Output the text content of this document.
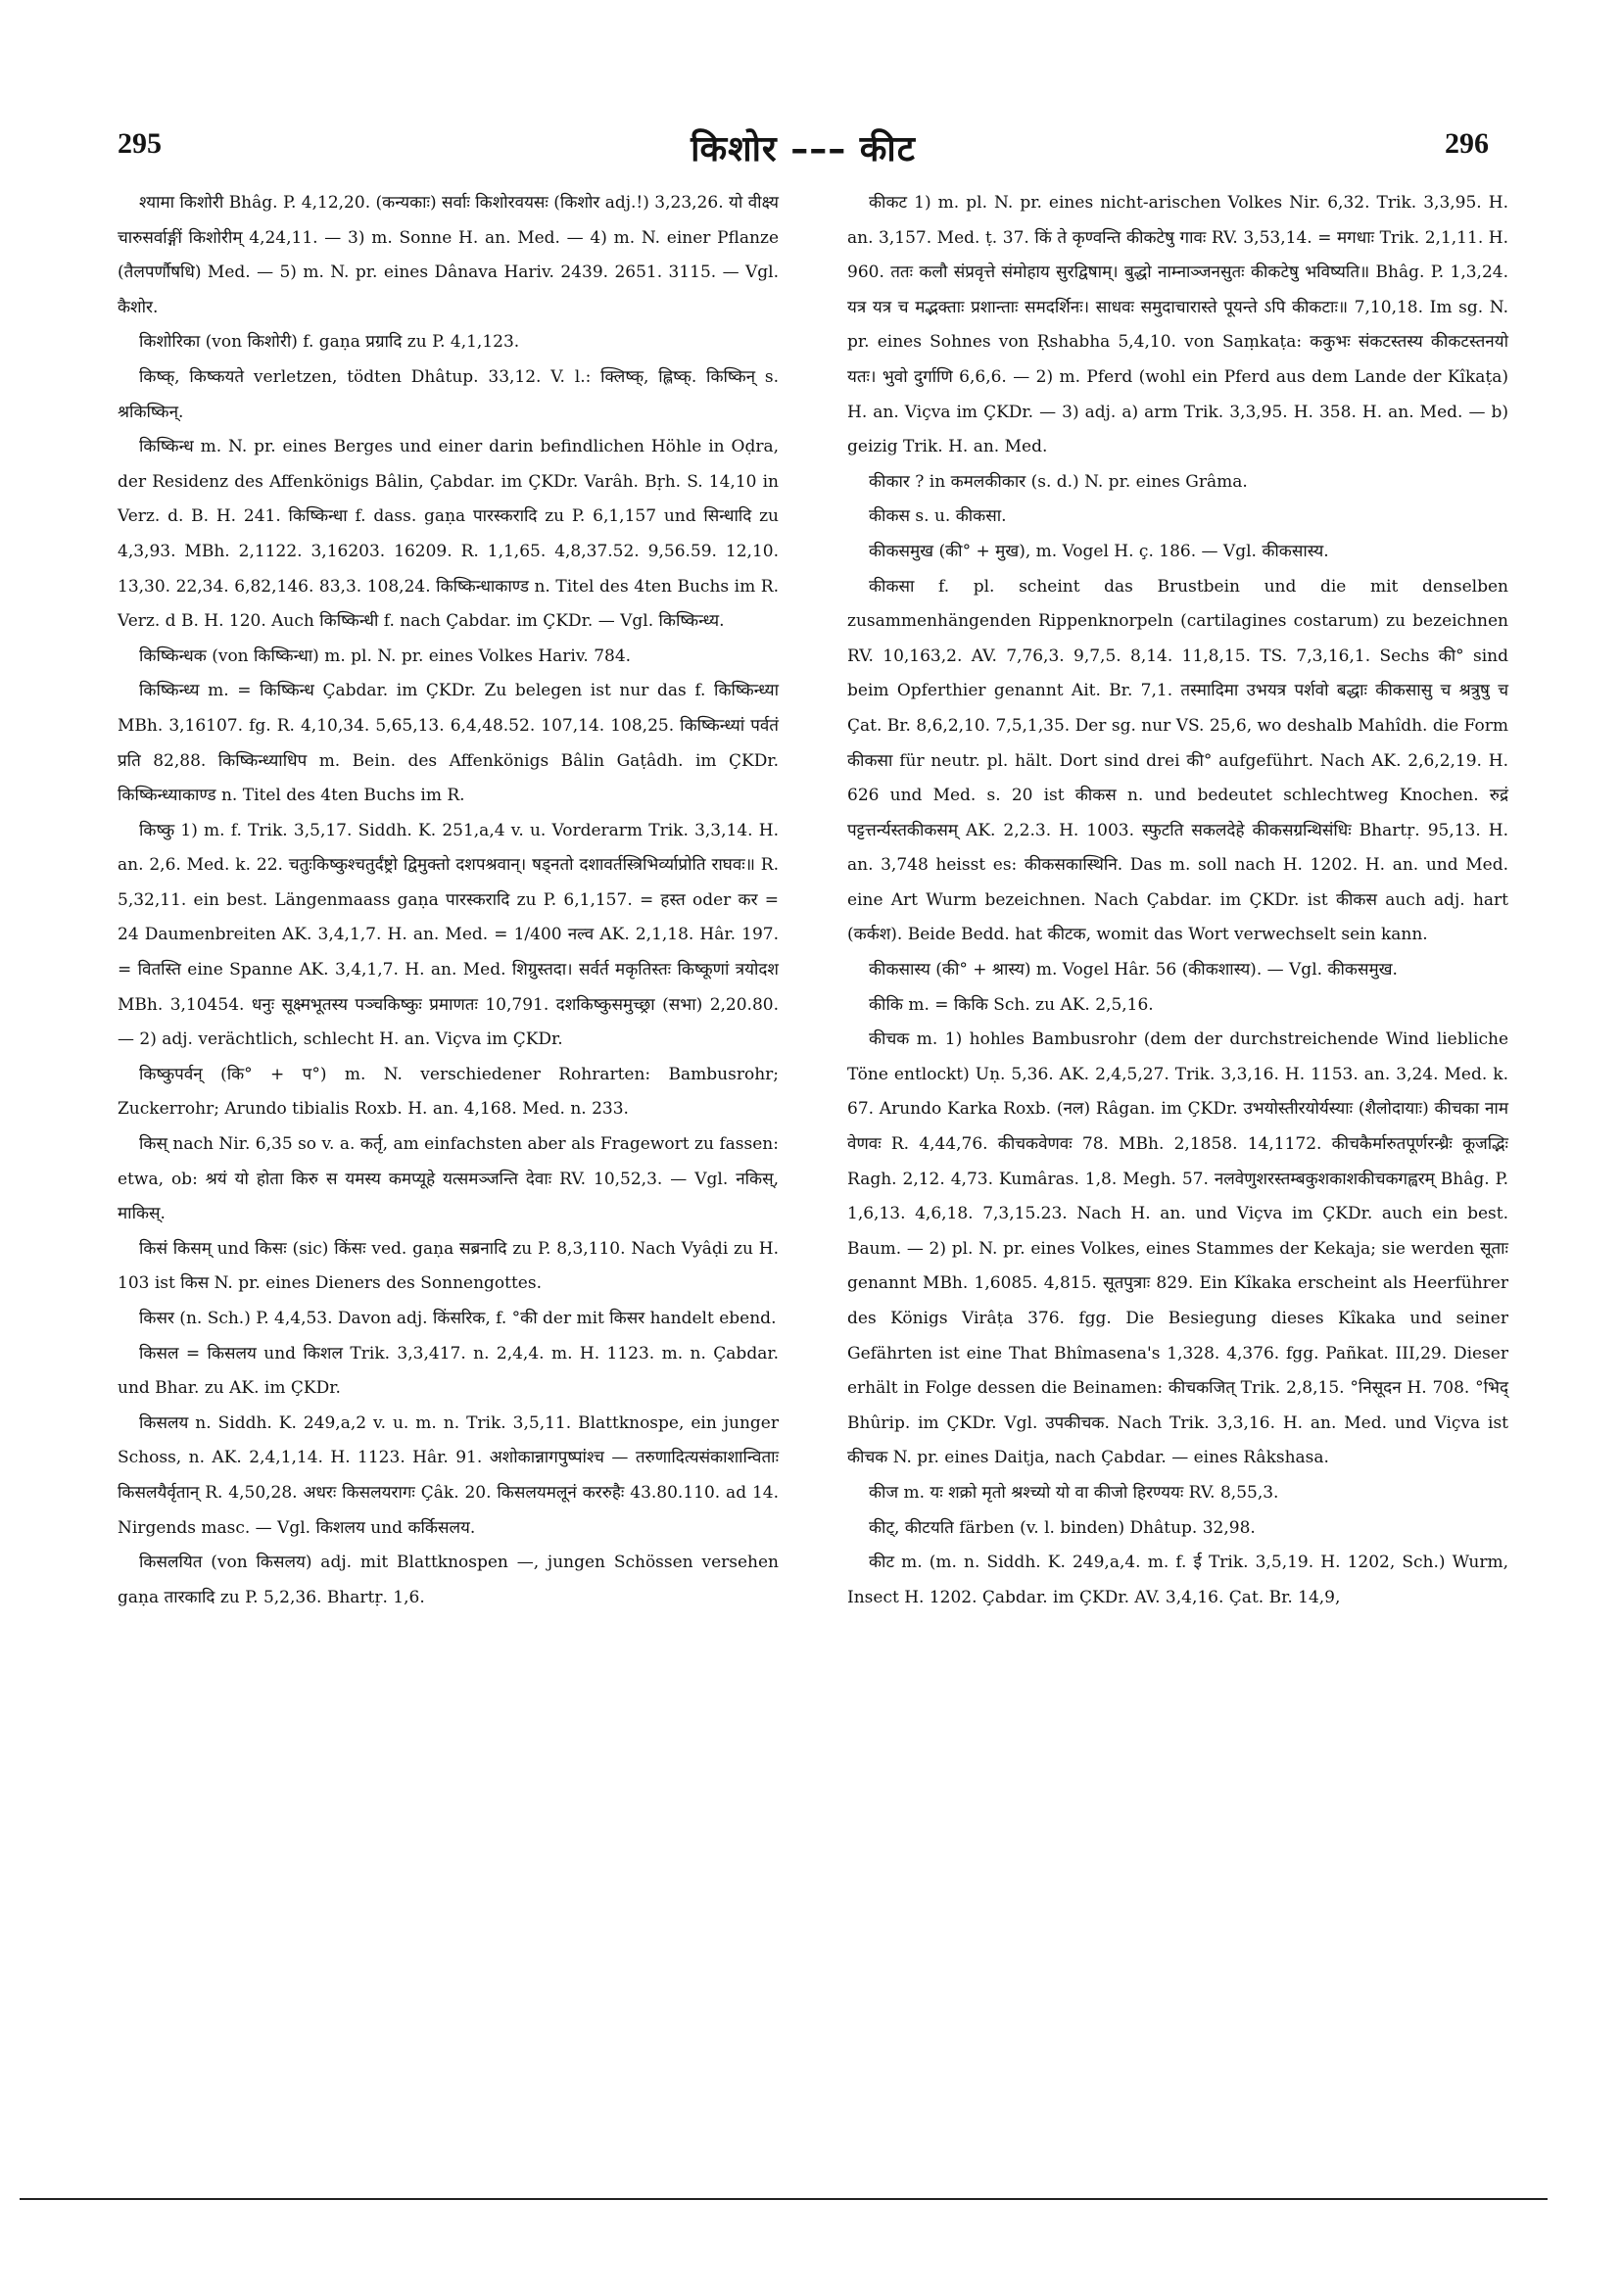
295	किशोर ––– कीट	296

श्यामा किशोरी Bhâg. P. 4,12,20. (कन्यकाः) सर्वाः किशोरवयसः (किशोर adj.!) 3,23,26. यो वीक्ष्य चारुसर्वाङ्गीं किशोरीम् 4,24,11. — 3) m. Sonne H. an. Med. — 4) m. N. einer Pflanze (तैलपर्णौषधि) Med. — 5) m. N. pr. eines Dânava Hariv. 2439. 2651. 3115. — Vgl. कैशोर.

किशोरिका (von किशोरी) f. gaṇa प्रग्रादि zu P. 4,1,123.

किष्क्, किष्कयते verletzen, tödten Dhâtup. 33,12. V. l.: क्लिष्क्, ह्लिष्क्. किष्किन् s. श्रकिष्किन्.

किष्किन्ध m. N. pr. eines Berges und einer darin befindlichen Höhle in Oḍra, der Residenz des Affenkönigs Bâlin, Çabdar. im ÇKDr. Varâh. Bṛh. S. 14,10 in Verz. d. B. H. 241. किष्किन्धा f. dass. gaṇa पारस्करादि zu P. 6,1,157 und सिन्धादि zu 4,3,93. MBh. 2,1122. 3,16203. 16209. R. 1,1,65. 4,8,37.52. 9,56.59. 12,10. 13,30. 22,34. 6,82,146. 83,3. 108,24. किष्किन्धाकाण्ड n. Titel des 4ten Buchs im R. Verz. d B. H. 120. Auch किष्किन्धी f. nach Çabdar. im ÇKDr. — Vgl. किष्किन्ध्य.

किष्किन्धक (von किष्किन्धा) m. pl. N. pr. eines Volkes Hariv. 784.

किष्किन्ध्य m. = किष्किन्ध Çabdar. im ÇKDr. Zu belegen ist nur das f. किष्किन्ध्या MBh. 3,16107. fg. R. 4,10,34. 5,65,13. 6,4,48.52. 107,14. 108,25. किष्किन्ध्यां पर्वतं प्रति 82,88. किष्किन्ध्याधिप m. Bein. des Affenkönigs Bâlin Gaṭâdh. im ÇKDr. किष्किन्ध्याकाण्ड n. Titel des 4ten Buchs im R.

किष्कु 1) m. f. Trik. 3,5,17. Siddh. K. 251,a,4 v. u. Vorderarm Trik. 3,3,14. H. an. 2,6. Med. k. 22. चतुःकिष्कुश्चतुर्दंष्ट्रो द्विमुक्तो दशपश्रवान्। षड्नतो दशावर्तस्त्रिभिर्व्याप्रोति राघवः॥ R. 5,32,11. ein best. Längenmaass gaṇa पारस्करादि zu P. 6,1,157. = हस्त oder कर = 24 Daumenbreiten AK. 3,4,1,7. H. an. Med. = 1/400 नल्व AK. 2,1,18. Hâr. 197. = वितस्ति eine Spanne AK. 3,4,1,7. H. an. Med. शिग्रुस्तदा। सर्वर्त मकृतिस्तः किष्कूणां त्रयोदश MBh. 3,10454. धनुः सूक्ष्मभूतस्य पञ्चकिष्कुः प्रमाणतः 10,791. दशकिष्कुसमुच्छ्रा (सभा) 2,20.80. — 2) adj. verächtlich, schlecht H. an. Viçva im ÇKDr.

किष्कुपर्वन् (कि° + प°) m. N. verschiedener Rohrarten: Bambusrohr; Zuckerrohr; Arundo tibialis Roxb. H. an. 4,168. Med. n. 233.

किस् nach Nir. 6,35 so v. a. कर्तृ, am einfachsten aber als Fragewort zu fassen: etwa, ob: श्रयं यो होता किरु स यमस्य कमप्यूहे यत्समञ्जन्ति देवाः RV. 10,52,3. — Vgl. नकिस्, माकिस्.

किसं किसम् und किसः (sic) किंसः ved. gaṇa सब्रनादि zu P. 8,3,110. Nach Vyâḍi zu H. 103 ist किस N. pr. eines Dieners des Sonnengottes.

किसर (n. Sch.) P. 4,4,53. Davon adj. किंसरिक, f. °की der mit किसर handelt ebend.

किसल = किसलय und किशल Trik. 3,3,417. n. 2,4,4. m. H. 1123. m. n. Çabdar. und Bhar. zu AK. im ÇKDr.

किसलय n. Siddh. K. 249,a,2 v. u. m. n. Trik. 3,5,11. Blattknospe, ein junger Schoss, n. AK. 2,4,1,14. H. 1123. Hâr. 91. अशोकान्नागपुष्पांश्च — तरुणादित्यसंकाशान्विताः किसलयैर्वृतान् R. 4,50,28. अधरः किसलयरागः Çâk. 20. किसलयमलूनं कररुहैः 43.80.110. ad 14. Nirgends masc. — Vgl. किशलय und कर्किसलय.

किसलयित (von किसलय) adj. mit Blattknospen —, jungen Schössen versehen gaṇa तारकादि zu P. 5,2,36. Bhartṛ. 1,6.

कीकट 1) m. pl. N. pr. eines nicht-arischen Volkes Nir. 6,32. Trik. 3,3,95. H. an. 3,157. Med. ṭ. 37. किं ते कृण्वन्ति कीकटेषु गावः RV. 3,53,14. = मगधाः Trik. 2,1,11. H. 960. ततः कलौ संप्रवृत्ते संमोहाय सुरद्विषाम्। बुद्धो नाम्नाञ्जनसुतः कीकटेषु भविष्यति॥ Bhâg. P. 1,3,24. यत्र यत्र च मद्भक्ताः प्रशान्ताः समदर्शिनः। साधवः समुदाचारास्ते पूयन्ते ऽपि कीकटाः॥ 7,10,18. Im sg. N. pr. eines Sohnes von Ṛshabha 5,4,10. von Saṃkaṭa: ककुभः संकटस्तस्य कीकटस्तनयो यतः। भुवो दुर्गाणि 6,6,6. — 2) m. Pferd (wohl ein Pferd aus dem Lande der Kîkaṭa) H. an. Viçva im ÇKDr. — 3) adj. a) arm Trik. 3,3,95. H. 358. H. an. Med. — b) geizig Trik. H. an. Med.

कीकार ? in कमलकीकार (s. d.) N. pr. eines Grâma.

कीकस s. u. कीकसा.

कीकसमुख (की° + मुख), m. Vogel H. ç. 186. — Vgl. कीकसास्य.

कीकसा f. pl. scheint das Brustbein und die mit denselben zusammenhängenden Rippenknorpeln (cartilagines costarum) zu bezeichnen RV. 10,163,2. AV. 7,76,3. 9,7,5. 8,14. 11,8,15. TS. 7,3,16,1. Sechs की° sind beim Opferthier genannt Ait. Br. 7,1. तस्मादिमा उभयत्र पर्शवो बद्धाः कीकसासु च श्रत्रुषु च Çat. Br. 8,6,2,10. 7,5,1,35. Der sg. nur VS. 25,6, wo deshalb Mahîdh. die Form कीकसा für neutr. pl. hält. Dort sind drei की° aufgeführt. Nach AK. 2,6,2,19. H. 626 und Med. s. 20 ist कीकस n. und bedeutet schlechtweg Knochen. रुद्रं पट्टत्तर्न्यस्तकीकसम् AK. 2,2.3. H. 1003. स्फुटति सकलदेहे कीकसग्रन्थिसंधिः Bhartṛ. 95,13. H. an. 3,748 heisst es: कीकसकास्थिनि. Das m. soll nach H. 1202. H. an. und Med. eine Art Wurm bezeichnen. Nach Çabdar. im ÇKDr. ist कीकस auch adj. hart (कर्कश). Beide Bedd. hat कीटक, womit das Wort verwechselt sein kann.

कीकसास्य (की° + श्रास्य) m. Vogel Hâr. 56 (कीकशास्य). — Vgl. कीकसमुख.

कीकि m. = किकि Sch. zu AK. 2,5,16.

कीचक m. 1) hohles Bambusrohr (dem der durchstreichende Wind liebliche Töne entlockt) Uṇ. 5,36. AK. 2,4,5,27. Trik. 3,3,16. H. 1153. an. 3,24. Med. k. 67. Arundo Karka Roxb. (नल) Râgan. im ÇKDr. उभयोस्तीरयोर्यस्याः (शैलोदायाः) कीचका नाम वेणवः R. 4,44,76. कीचकवेणवः 78. MBh. 2,1858. 14,1172. कीचकैर्मारुतपूर्णरन्ध्रैः कूजद्भिः Ragh. 2,12. 4,73. Kumâras. 1,8. Megh. 57. नलवेणुशरस्तम्बकुशकाशकीचकगह्वरम् Bhâg. P. 1,6,13. 4,6,18. 7,3,15.23. Nach H. an. und Viçva im ÇKDr. auch ein best. Baum. — 2) pl. N. pr. eines Volkes, eines Stammes der Kekaja; sie werden सूताः genannt MBh. 1,6085. 4,815. सूतपुत्राः 829. Ein Kîkaka erscheint als Heerführer des Königs Virâṭa 376. fgg. Die Besiegung dieses Kîkaka und seiner Gefährten ist eine That Bhîmasena's 1,328. 4,376. fgg. Pañkat. III,29. Dieser erhält in Folge dessen die Beinamen: कीचकजित् Trik. 2,8,15. °निसूदन H. 708. °भिद् Bhûrip. im ÇKDr. Vgl. उपकीचक. Nach Trik. 3,3,16. H. an. Med. und Viçva ist कीचक N. pr. eines Daitja, nach Çabdar. — eines Râkshasa.

कीज m. यः शक्रो मृतो श्रश्च्यो यो वा कीजो हिरण्ययः RV. 8,55,3.

कीट्, कीटयति färben (v. l. binden) Dhâtup. 32,98.

कीट m. (m. n. Siddh. K. 249,a,4. m. f. ई Trik. 3,5,19. H. 1202, Sch.) Wurm, Insect H. 1202. Çabdar. im ÇKDr. AV. 3,4,16. Çat. Br. 14,9,
